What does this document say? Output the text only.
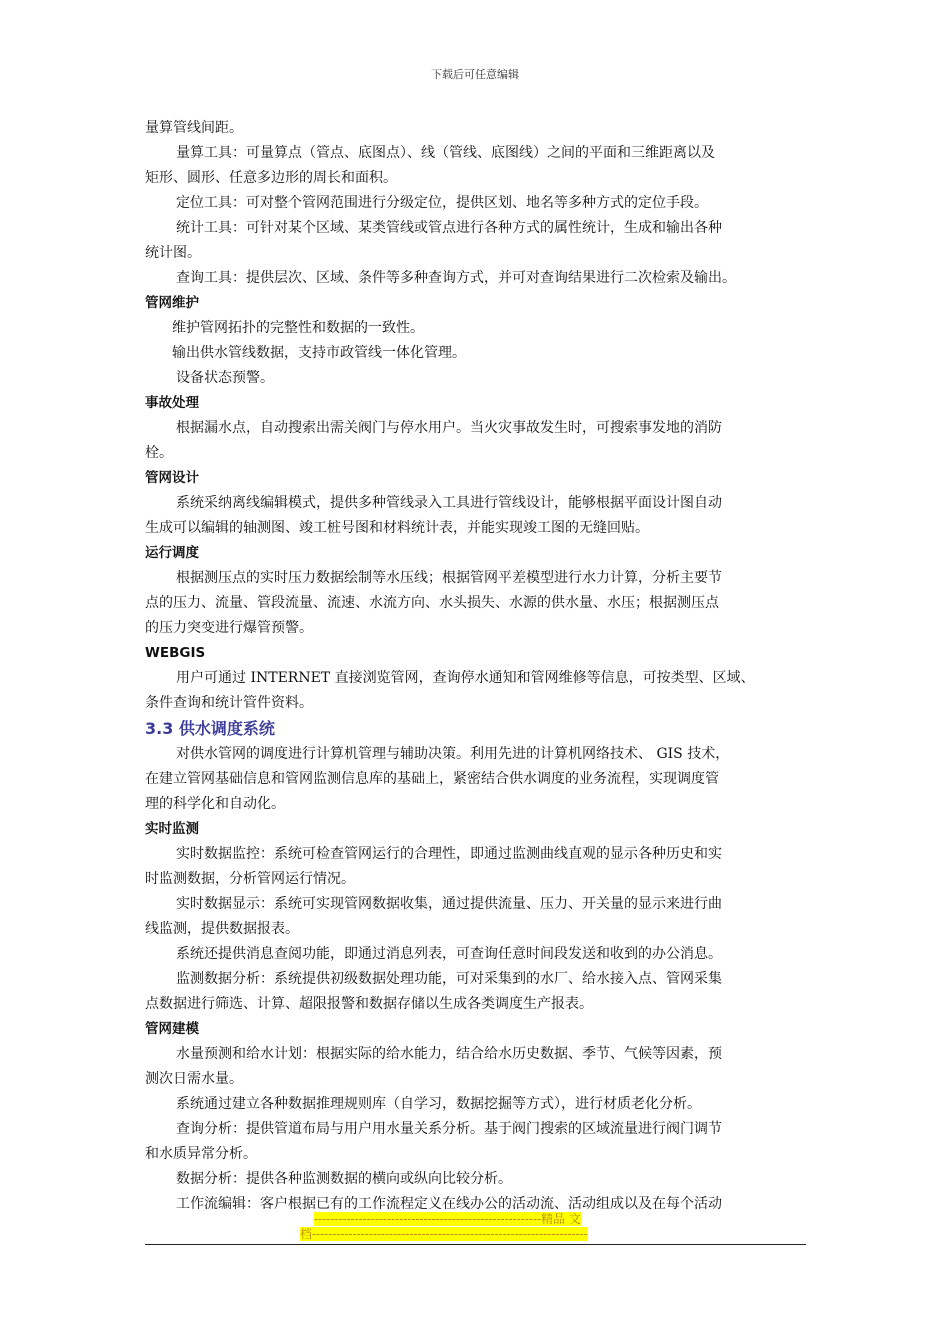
下载后可任意编辑
量算管线间距。
量算工具：可量算点（管点、底图点）、线（管线、底图线）之间的平面和三维距离以及
矩形、圆形、任意多边形的周长和面积。
定位工具：可对整个管网范围进行分级定位，提供区划、地名等多种方式的定位手段。
统计工具：可针对某个区域、某类管线或管点进行各种方式的属性统计，生成和输出各种
统计图。
查询工具：提供层次、区域、条件等多种查询方式，并可对查询结果进行二次检索及输出。
管网维护
维护管网拓扑的完整性和数据的一致性。
输出供水管线数据，支持市政管线一体化管理。
设备状态预警。
事故处理
根据漏水点，自动搜索出需关阀门与停水用户。当火灾事故发生时，可搜索事发地的消防
栓。
管网设计
系统采纳离线编辑模式，提供多种管线录入工具进行管线设计，能够根据平面设计图自动
生成可以编辑的轴测图、竣工桩号图和材料统计表，并能实现竣工图的无缝回贴。
运行调度
根据测压点的实时压力数据绘制等水压线；根据管网平差模型进行水力计算，分析主要节
点的压力、流量、管段流量、流速、水流方向、水头损失、水源的供水量、水压；根据测压点
的压力突变进行爆管预警。
WEBGIS
用户可通过 INTERNET 直接浏览管网，查询停水通知和管网维修等信息，可按类型、区域、
条件查询和统计管件资料。
3.3 供水调度系统
对供水管网的调度进行计算机管理与辅助决策。利用先进的计算机网络技术、 GIS 技术，
在建立管网基础信息和管网监测信息库的基础上，紧密结合供水调度的业务流程，实现调度管
理的科学化和自动化。
实时监测
实时数据监控：系统可检查管网运行的合理性，即通过监测曲线直观的显示各种历史和实
时监测数据，分析管网运行情况。
实时数据显示：系统可实现管网数据收集，通过提供流量、压力、开关量的显示来进行曲
线监测，提供数据报表。
系统还提供消息查阅功能，即通过消息列表，可查询任意时间段发送和收到的办公消息。
监测数据分析：系统提供初级数据处理功能，可对采集到的水厂、给水接入点、管网采集
点数据进行筛选、计算、超限报警和数据存储以生成各类调度生产报表。
管网建模
水量预测和给水计划：根据实际的给水能力，结合给水历史数据、季节、气候等因素，预
测次日需水量。
系统通过建立各种数据推理规则库（自学习，数据挖掘等方式），进行材质老化分析。
查询分析：提供管道布局与用户用水量关系分析。基于阀门搜索的区域流量进行阀门调节
和水质异常分析。
数据分析：提供各种监测数据的横向或纵向比较分析。
工作流编辑：客户根据已有的工作流程定义在线办公的活动流、活动组成以及在每个活动
--------------------------------------------------------精品 文
档--------------------------------------------------------------------
